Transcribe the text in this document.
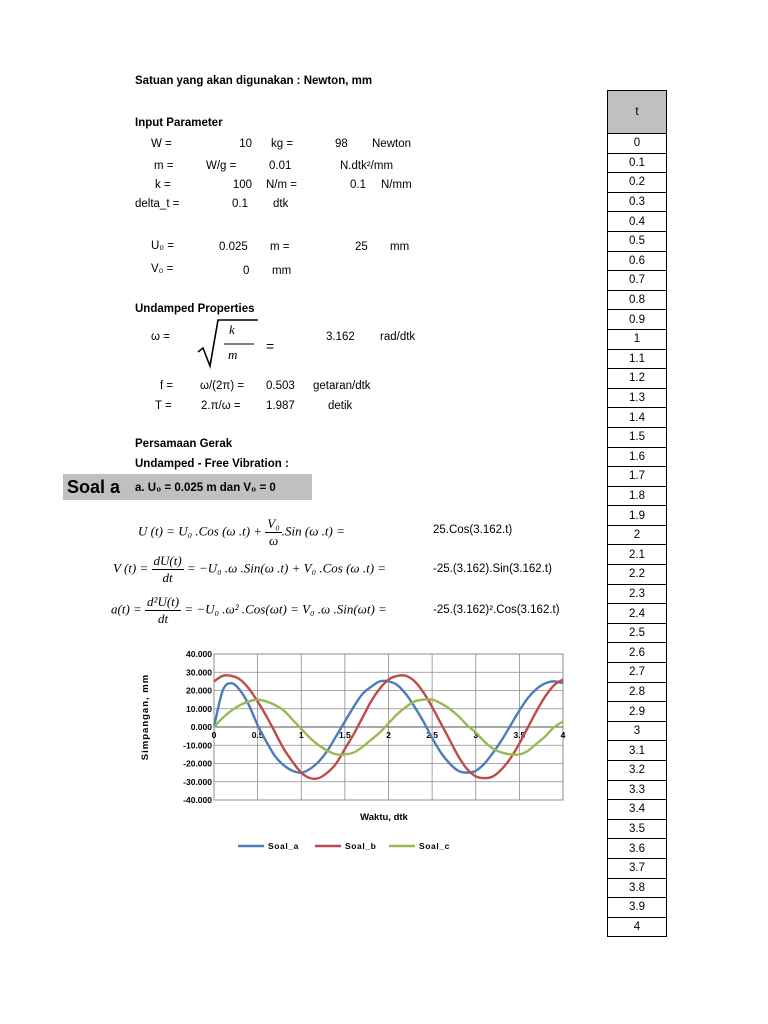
Satuan yang akan digunakan : Newton, mm
Input Parameter
W =	10 kg =	98 Newton
m =	W/g =	0.01	N.dtk²/mm
k =	100 N/m =	0.1 N/mm
delta_t =	0.1 dtk
U₀ =	0.025 m =	25 mm
V₀ =	0 mm
Undamped Properties
ω =	k
m
=
3.162 rad/dtk
f = ω/(2π) = 0.503 getaran/dtk
T =	2.π/ω = 1.987	detik
Persamaan Gerak
Undamped - Free Vibration :
Soal a a. U₀ = 0.025 m dan V₀ = 0
U (t) = U₀ .Cos (ω $.t) + \frac{\text{V₀}}{\omega} .Sin$ (ω .t) =	25.Cos(3.162.t)
V $(t) = \frac{dU(t)}{dt} = -U_0$ .ω .Sin(ω .t) + V₀ .Cos (ω .t) =	-25.(3.162).Sin(3.162.t)
$a(t) = \frac{\text{d²U(t)}}{dt} = -U_0$ .ω² .Cos(ωt) = V₀ .ω .Sin(ωt) =	-25.(3.162)².Cos(3.162.t)
40.000
30.000
20.000
10.000
0.000
-10.000
-20.000
-30.000
-40.000
0	0.5	1	1.5	2	2.5	3	3.5	4
Simpangan, mm
Waktu, dtk
Soal_a	Soal_b	Soal_c
t
0
0.1
0.2
0.3
0.4
0.5
0.6
0.7
0.8
0.9
1
1.1
1.2
1.3
1.4
1.5
1.6
1.7
1.8
1.9
2
2.1
2.2
2.3
2.4
2.5
2.6
2.7
2.8
2.9
3
3.1
3.2
3.3
3.4
3.5
3.6
3.7
3.8
3.9
4
